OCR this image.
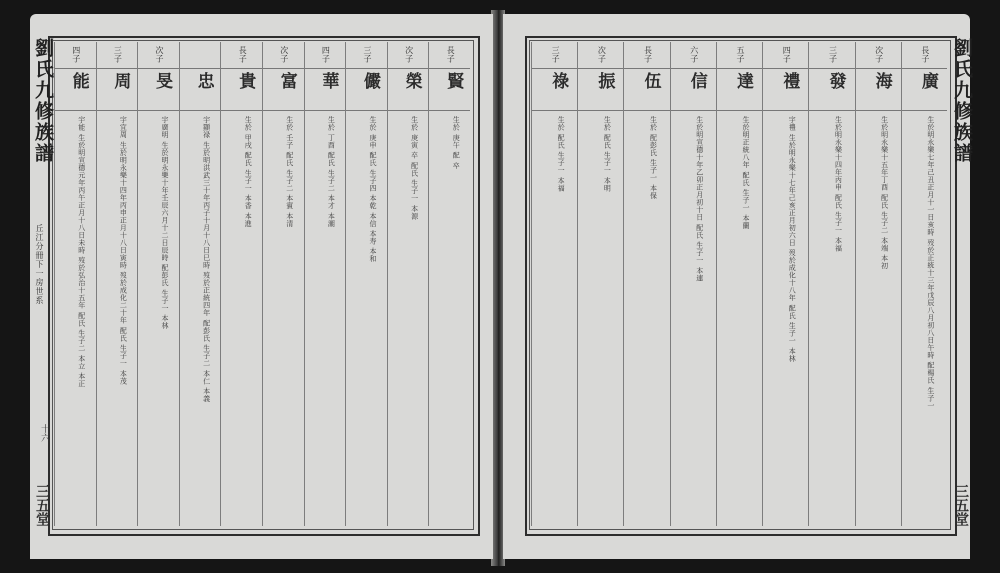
劉氏九修族譜
丘江分冊下一房世系
十六
三五堂
長子
賢
生於 庚午 配 卒
次子
榮
生於 庚寅 卒 配氏 生子一 本源
三子
儼
生於 庚申 配氏 生子四 本乾 本信 本寿 本和
四子
華
生於 丁酉 配氏 生子二 本才 本潮
次子
富
生於 壬子 配氏 生子二 本賓 本清
長子
貴
生於 甲戌 配氏 生子一 本香 本進
忠
宇顯禄 生於明洪武三十年丙子十月十八日巳時 歿於正統四年 配彭氏 生子二 本仁 本義
次子
旻
宇廣明 生於明永樂十年壬辰六月十二日辰時 配彭氏 生子一 本林
三子
周
宇宜周 生於明永樂十四年丙申正月十八日寅時 歿於成化二十年 配氏 生子一 本茂
四子
能
宇能 生於明宣德元年丙午正月十八日未時 歿於弘治十五年 配氏 生子二 本立 本正
劉氏九修族譜
三五堂
長子
廣
生於明永樂七年己丑正月十一日亥時 歿於正統十三年戊辰八月初八日午時 配楊氏 生子一
次子
海
生於明永樂十五年丁酉 配氏 生子二 本端 本初
三子
發
生於明永樂十四年丙申 配氏 生子一 本福
四子
禮
宇禮 生於明永樂十七年己亥正月初六日 歿於成化十八年 配氏 生子一 本林
五子
達
生於明正統八年 配氏 生子一 本蘭
六子
信
生於明宣德十年乙卯正月初十日 配氏 生子一 本連
長子
伍
生於 配彭氏 生子一 本保
次子
振
生於 配氏 生子一 本明
三子
祿
生於 配氏 生子一 本福
